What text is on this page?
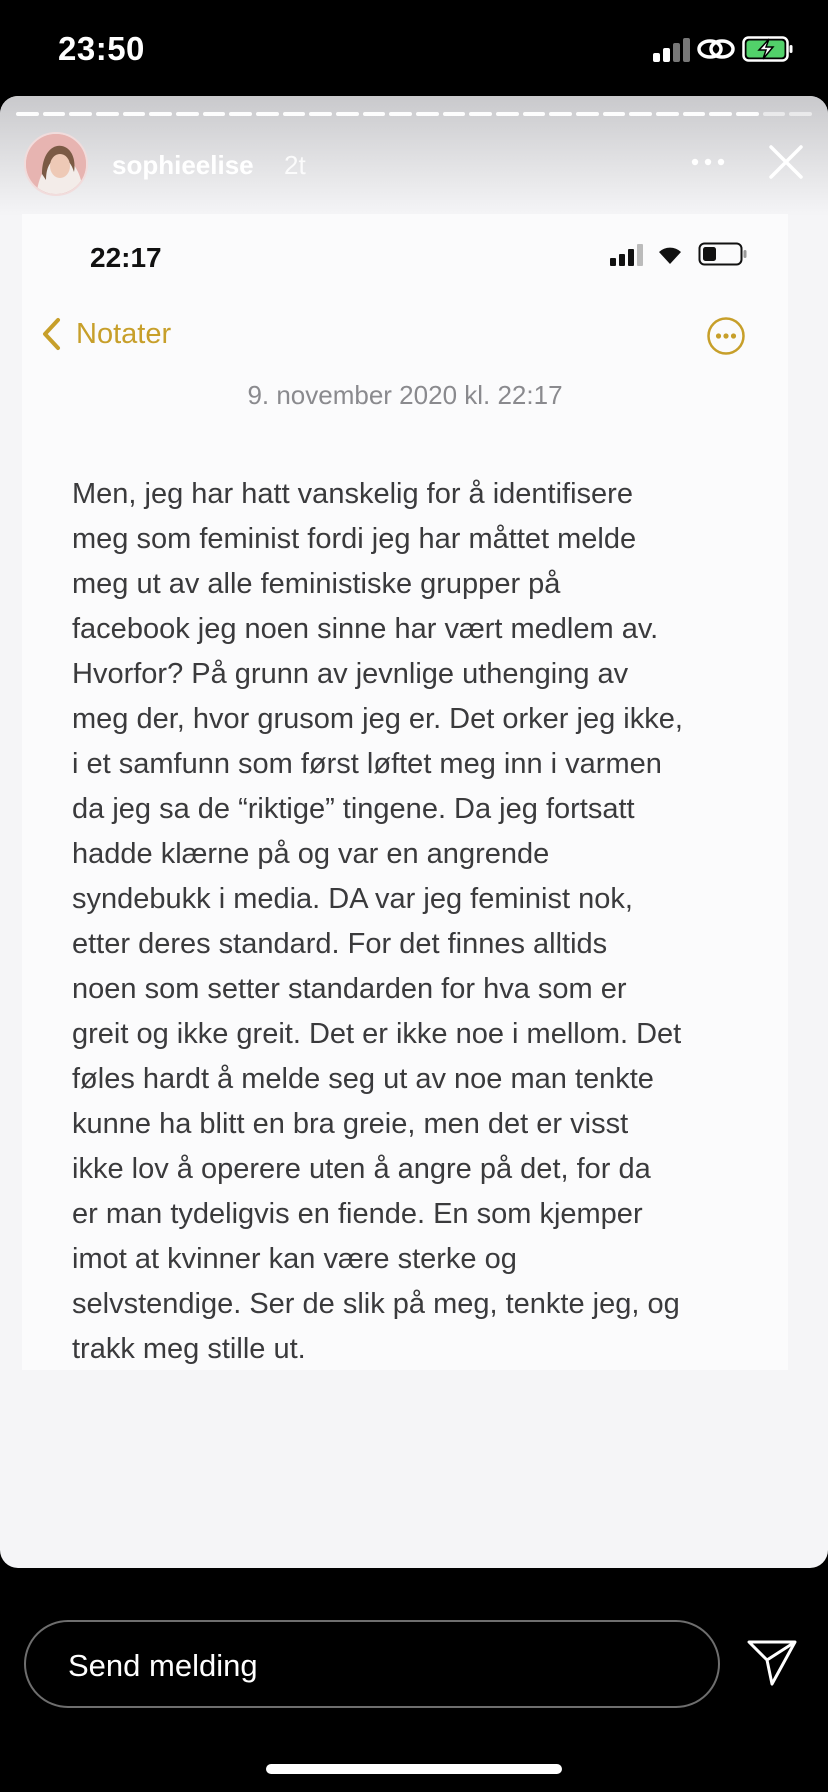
23:50
sophieelise 2t
22:17
Notater
9. november 2020 kl. 22:17
Men, jeg har hatt vanskelig for å identifisere
meg som feminist fordi jeg har måttet melde
meg ut av alle feministiske grupper på
facebook jeg noen sinne har vært medlem av.
Hvorfor? På grunn av jevnlige uthenging av
meg der, hvor grusom jeg er. Det orker jeg ikke,
i et samfunn som først løftet meg inn i varmen
da jeg sa de “riktige” tingene. Da jeg fortsatt
hadde klærne på og var en angrende
syndebukk i media. DA var jeg feminist nok,
etter deres standard. For det finnes alltids
noen som setter standarden for hva som er
greit og ikke greit. Det er ikke noe i mellom. Det
føles hardt å melde seg ut av noe man tenkte
kunne ha blitt en bra greie, men det er visst
ikke lov å operere uten å angre på det, for da
er man tydeligvis en fiende. En som kjemper
imot at kvinner kan være sterke og
selvstendige. Ser de slik på meg, tenkte jeg, og
trakk meg stille ut.
Send melding
